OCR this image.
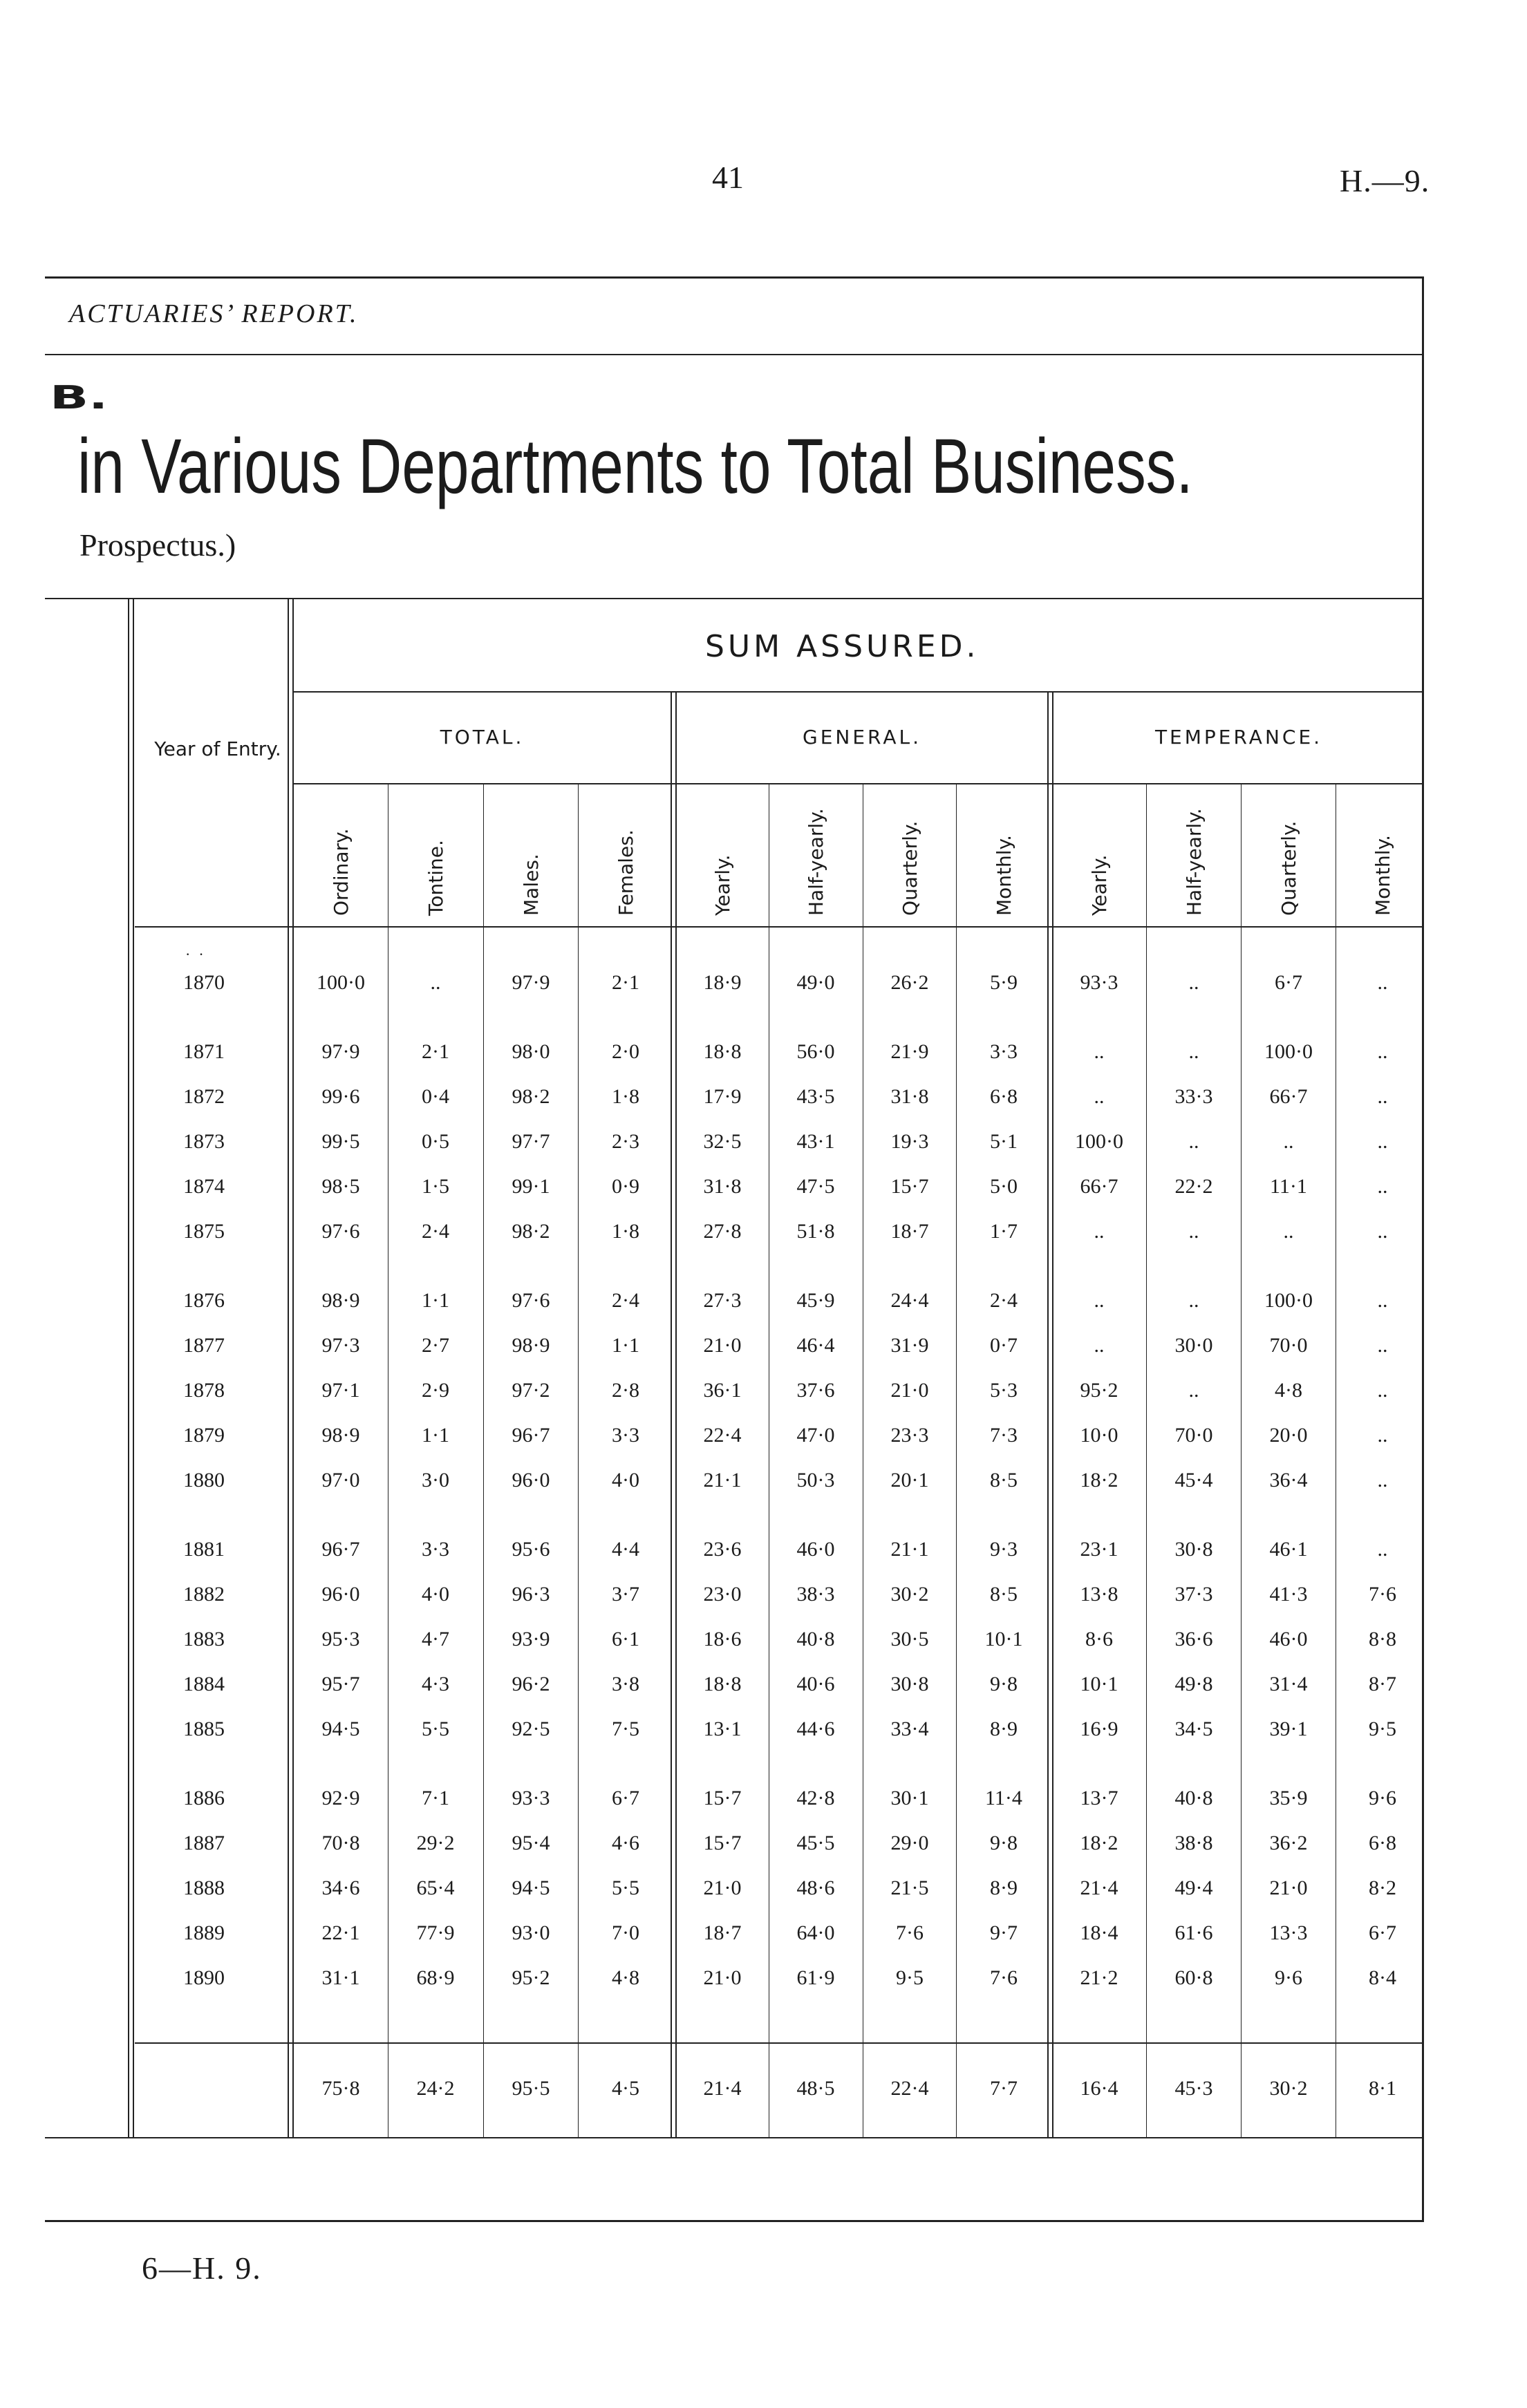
41	H.—9.
ACTUARIES’ REPORT.
B.
in Various Departments to Total Business.
Prospectus.)
SUM ASSURED.
Year of Entry.
TOTAL.	GENERAL.	TEMPERANCE.
Ordinary.	Tontine.	Males.	Females.	Yearly.	Half-yearly.	Quarterly.	Monthly.	Yearly.	Half-yearly.	Quarterly.	Monthly.
··
1870	100·0	..	97·9	2·1	18·9	49·0	26·2	5·9	93·3	..	6·7	..
1871	97·9	2·1	98·0	2·0	18·8	56·0	21·9	3·3	..	..	100·0	..
1872	99·6	0·4	98·2	1·8	17·9	43·5	31·8	6·8	..	33·3	66·7	..
1873	99·5	0·5	97·7	2·3	32·5	43·1	19·3	5·1	100·0	..	..	..
1874	98·5	1·5	99·1	0·9	31·8	47·5	15·7	5·0	66·7	22·2	11·1	..
1875	97·6	2·4	98·2	1·8	27·8	51·8	18·7	1·7	..	..	..	..
1876	98·9	1·1	97·6	2·4	27·3	45·9	24·4	2·4	..	..	100·0	..
1877	97·3	2·7	98·9	1·1	21·0	46·4	31·9	0·7	..	30·0	70·0	..
1878	97·1	2·9	97·2	2·8	36·1	37·6	21·0	5·3	95·2	..	4·8	..
1879	98·9	1·1	96·7	3·3	22·4	47·0	23·3	7·3	10·0	70·0	20·0	..
1880	97·0	3·0	96·0	4·0	21·1	50·3	20·1	8·5	18·2	45·4	36·4	..
1881	96·7	3·3	95·6	4·4	23·6	46·0	21·1	9·3	23·1	30·8	46·1	..
1882	96·0	4·0	96·3	3·7	23·0	38·3	30·2	8·5	13·8	37·3	41·3	7·6
1883	95·3	4·7	93·9	6·1	18·6	40·8	30·5	10·1	8·6	36·6	46·0	8·8
1884	95·7	4·3	96·2	3·8	18·8	40·6	30·8	9·8	10·1	49·8	31·4	8·7
1885	94·5	5·5	92·5	7·5	13·1	44·6	33·4	8·9	16·9	34·5	39·1	9·5
1886	92·9	7·1	93·3	6·7	15·7	42·8	30·1	11·4	13·7	40·8	35·9	9·6
1887	70·8	29·2	95·4	4·6	15·7	45·5	29·0	9·8	18·2	38·8	36·2	6·8
1888	34·6	65·4	94·5	5·5	21·0	48·6	21·5	8·9	21·4	49·4	21·0	8·2
1889	22·1	77·9	93·0	7·0	18·7	64·0	7·6	9·7	18·4	61·6	13·3	6·7
1890	31·1	68·9	95·2	4·8	21·0	61·9	9·5	7·6	21·2	60·8	9·6	8·4
75·8	24·2	95·5	4·5	21·4	48·5	22·4	7·7	16·4	45·3	30·2	8·1
6—H. 9.
